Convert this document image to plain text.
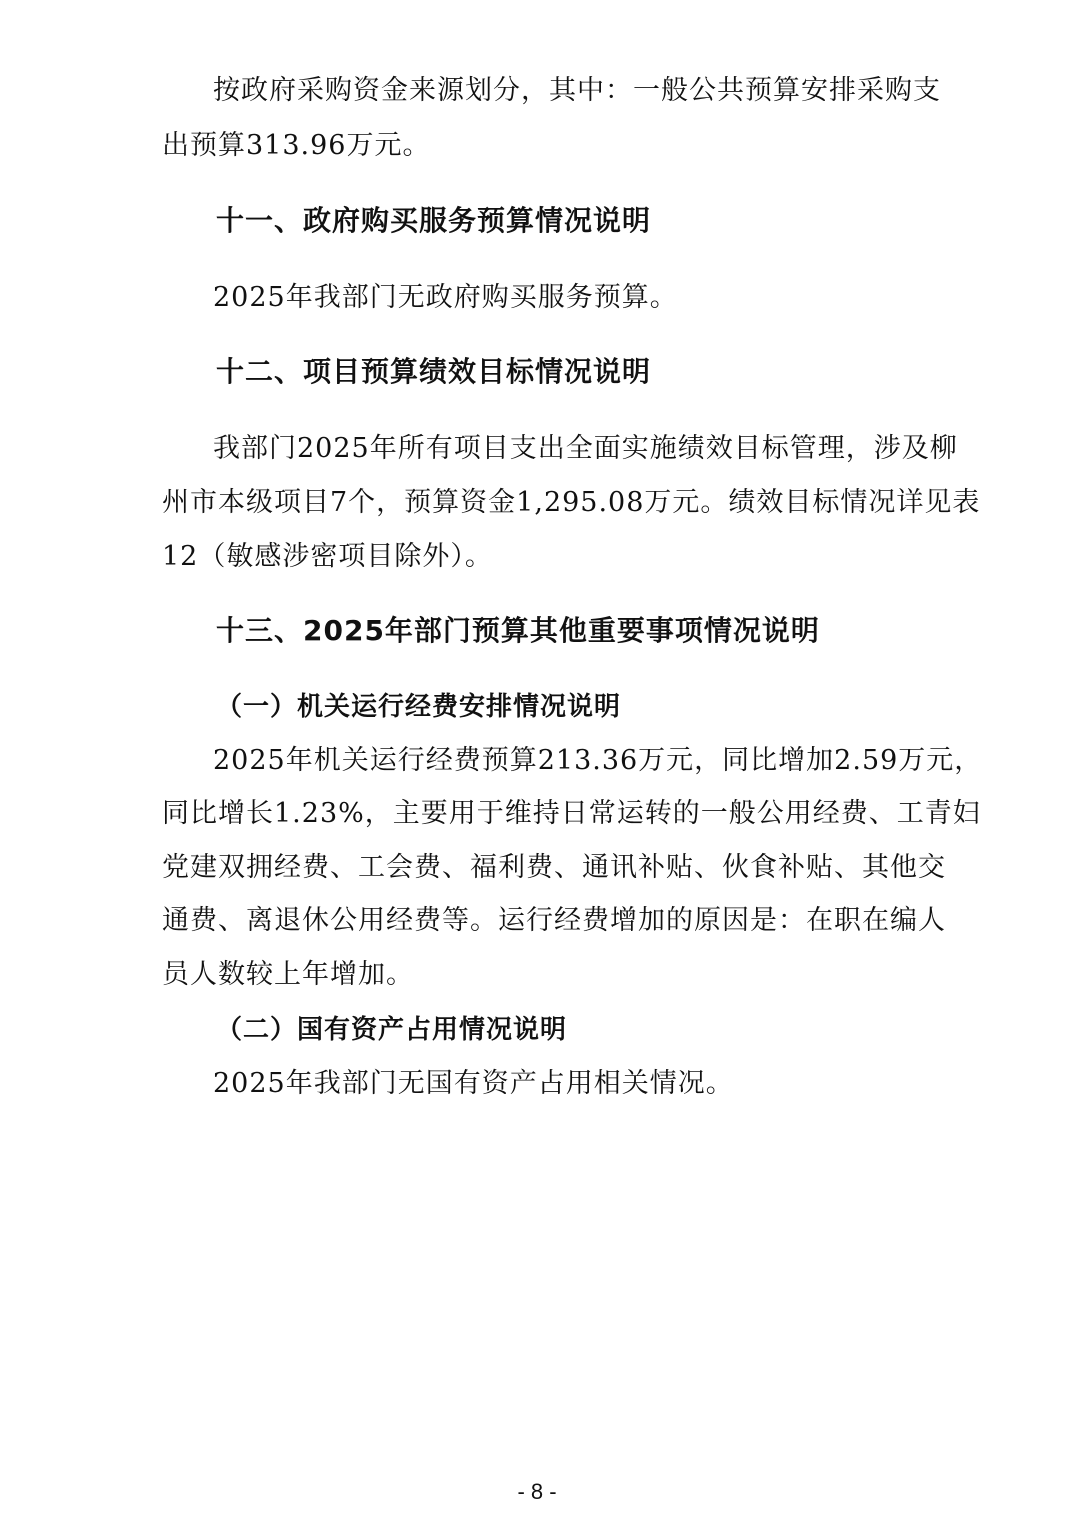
按政府采购资金来源划分，其中：一般公共预算安排采购支
出预算313.96万元。
十一、政府购买服务预算情况说明
2025年我部门无政府购买服务预算。
十二、项目预算绩效目标情况说明
我部门2025年所有项目支出全面实施绩效目标管理，涉及柳
州市本级项目7个，预算资金1,295.08万元。绩效目标情况详见表
12（敏感涉密项目除外）。
十三、2025年部门预算其他重要事项情况说明
（一）机关运行经费安排情况说明
2025年机关运行经费预算213.36万元，同比增加2.59万元，
同比增长1.23%，主要用于维持日常运转的一般公用经费、工青妇
党建双拥经费、工会费、福利费、通讯补贴、伙食补贴、其他交
通费、离退休公用经费等。运行经费增加的原因是：在职在编人
员人数较上年增加。
（二）国有资产占用情况说明
2025年我部门无国有资产占用相关情况。
- 8 -
